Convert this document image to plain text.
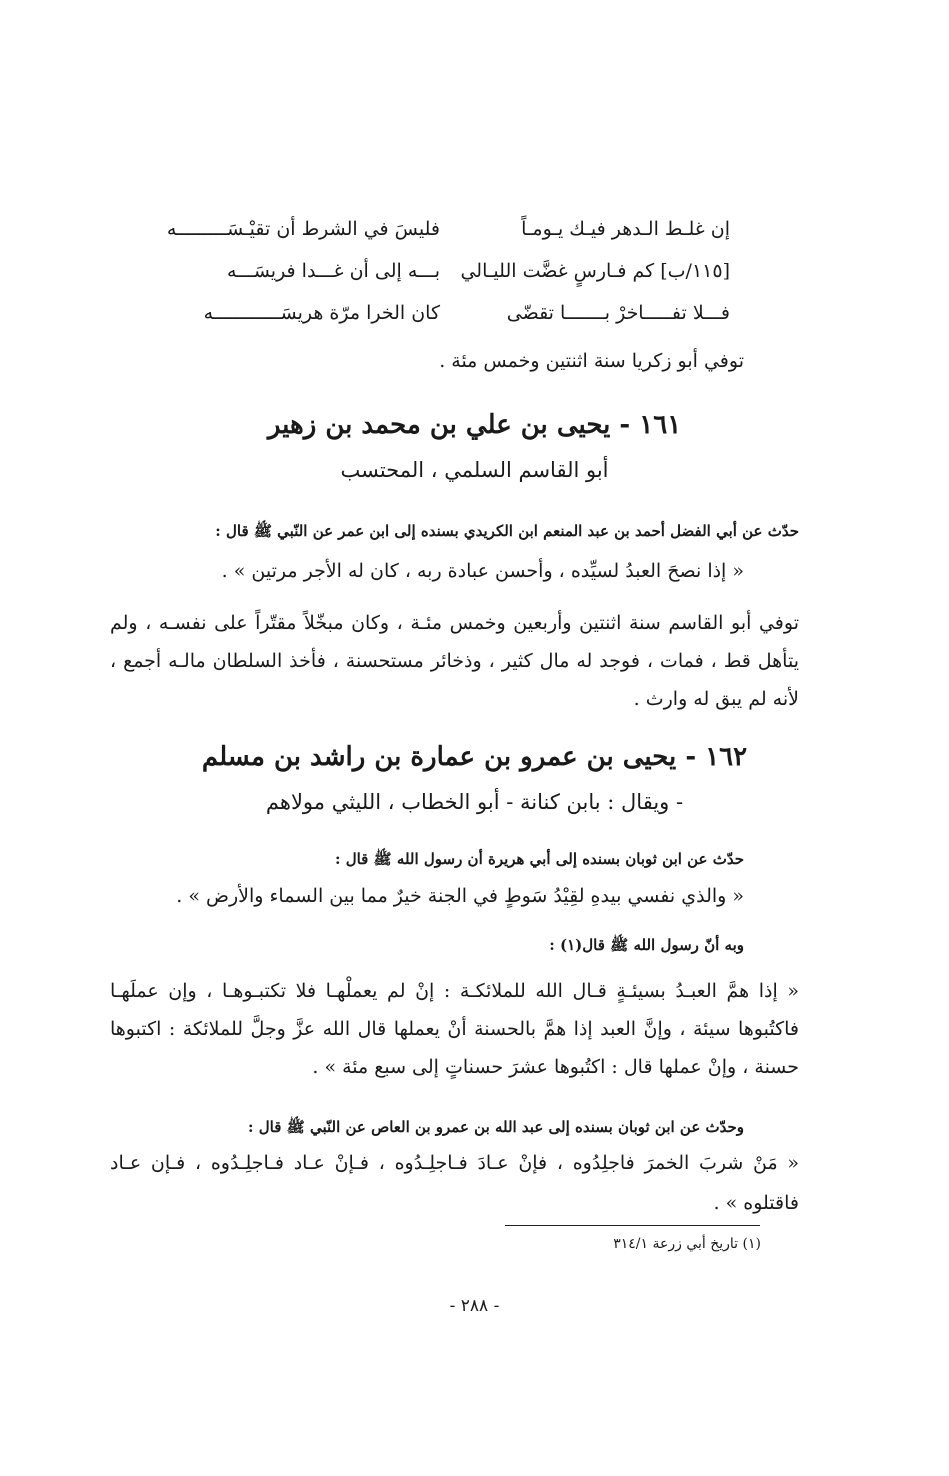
إن غلـط الـدهر فيـك يـومـاً
فليسَ في الشرط أن تقيْـسَـــــــــه
[١١٥/ب] كم فـارسٍ غضَّت الليـالي
بـــه إلى أن غـــدا فريسَـــه
فـــلا تفـــــاخرْ بـــــــا تقضّى
كان الخرا مرّة هريسَــــــــــــه
توفي أبو زكريا سنة اثنتين وخمس مئة .
١٦١ - يحيى بن علي بن محمد بن زهير
أبو القاسم السلمي ، المحتسب
حدّث عن أبي الفضل أحمد بن عبد المنعم ابن الكريدي بسنده إلى ابن عمر عن النّبي ﷺ قال :
« إذا نصحَ العبدُ لسيِّده ، وأحسن عبادة ربه ، كان له الأجر مرتين » .
توفي أبو القاسم سنة اثنتين وأربعين وخمس مئـة ، وكان مبخّلاً مقتّراً على نفسـه ، ولم
يتأهل قط ، فمات ، فوجد له مال كثير ، وذخائر مستحسنة ، فأخذ السلطان مالـه أجمع ،
لأنه لم يبق له وارث .
١٦٢ - يحيى بن عمرو بن عمارة بن راشد بن مسلم
- ويقال : بابن كنانة - أبو الخطاب ، الليثي مولاهم
حدّث عن ابن ثوبان بسنده إلى أبي هريرة أن رسول الله ﷺ قال :
« والذي نفسي بيدهِ لقِيْدُ سَوطٍ في الجنة خيرٌ مما بين السماء والأرض » .
وبه أنّ رسول الله ﷺ قال(١) :
« إذا همَّ العبـدُ بسيئـةٍ قـال الله للملائكـة : إنْ لم يعملْهـا فلا تكتبـوهـا ، وإن عملَهـا
فاكتُبوها سيئة ، وإنَّ العبد إذا همَّ بالحسنة أنْ يعملها قال الله عزَّ وجلَّ للملائكة : اكتبوها
حسنة ، وإنْ عملها قال : اكتُبوها عشرَ حسناتٍ إلى سبع مئة » .
وحدّث عن ابن ثوبان بسنده إلى عبد الله بن عمرو بن العاص عن النّبي ﷺ قال :
« مَنْ شربَ الخمرَ فاجلِدُوه ، فإنْ عـادَ فـاجلِـدُوه ، فـإنْ عـاد فـاجلِـدُوه ، فـإن عـاد
فاقتلوه » .
(١) تاريخ أبي زرعة ٣١٤/١
- ٢٨٨ -
